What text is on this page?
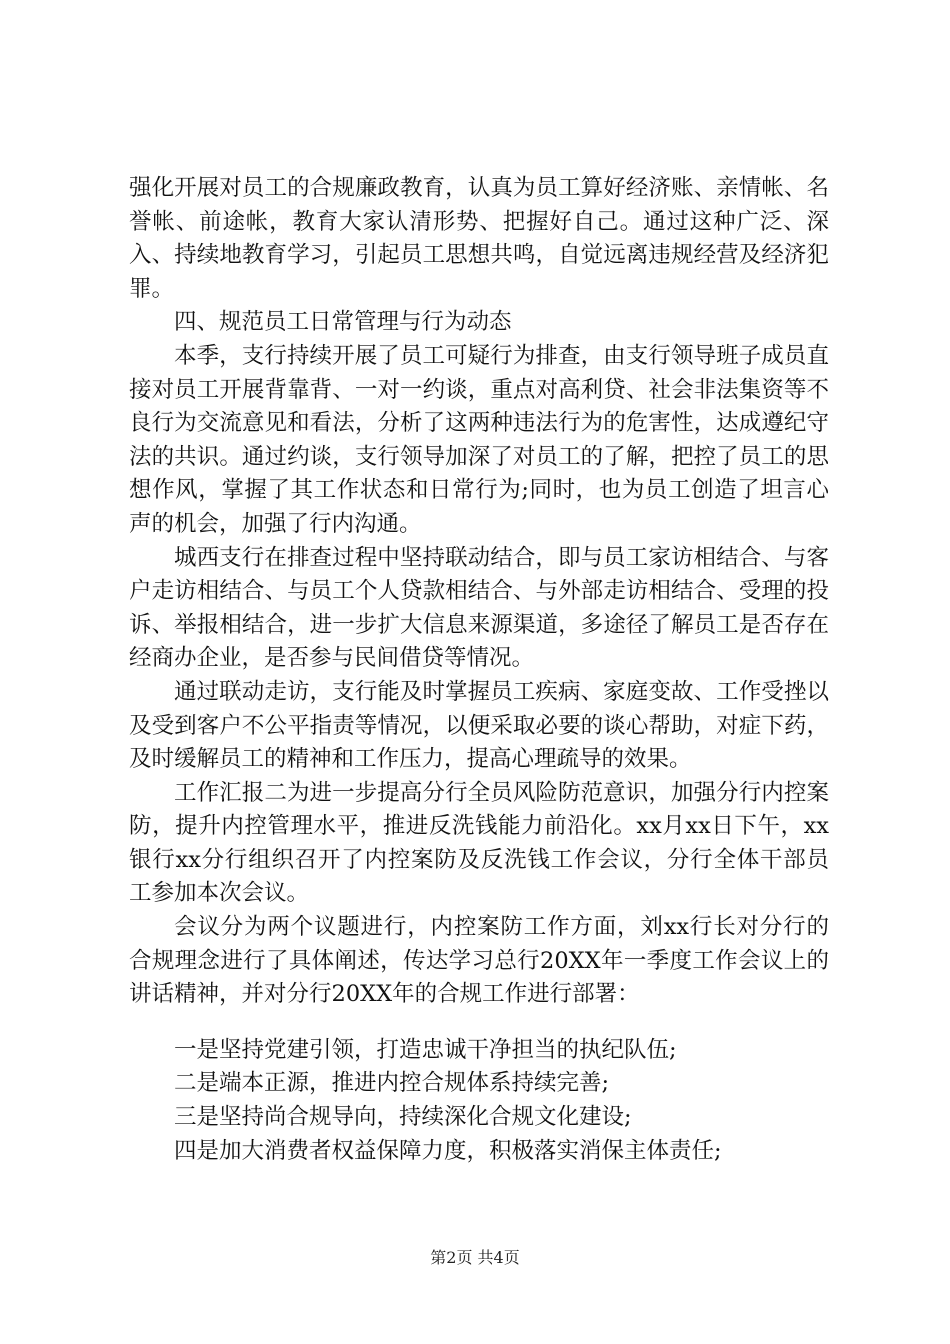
强化开展对员工的合规廉政教育，认真为员工算好经济账、亲情帐、名誉帐、前途帐，教育大家认清形势、把握好自己。通过这种广泛、深入、持续地教育学习，引起员工思想共鸣，自觉远离违规经营及经济犯罪。

四、规范员工日常管理与行为动态

本季，支行持续开展了员工可疑行为排查，由支行领导班子成员直接对员工开展背靠背、一对一约谈，重点对高利贷、社会非法集资等不良行为交流意见和看法，分析了这两种违法行为的危害性，达成遵纪守法的共识。通过约谈，支行领导加深了对员工的了解，把控了员工的思想作风，掌握了其工作状态和日常行为;同时，也为员工创造了坦言心声的机会，加强了行内沟通。

城西支行在排查过程中坚持联动结合，即与员工家访相结合、与客户走访相结合、与员工个人贷款相结合、与外部走访相结合、受理的投诉、举报相结合，进一步扩大信息来源渠道，多途径了解员工是否存在经商办企业，是否参与民间借贷等情况。

通过联动走访，支行能及时掌握员工疾病、家庭变故、工作受挫以及受到客户不公平指责等情况，以便采取必要的谈心帮助，对症下药，及时缓解员工的精神和工作压力，提高心理疏导的效果。

工作汇报二为进一步提高分行全员风险防范意识，加强分行内控案防，提升内控管理水平，推进反洗钱能力前沿化。xx月xx日下午，xx银行xx分行组织召开了内控案防及反洗钱工作会议，分行全体干部员工参加本次会议。

会议分为两个议题进行，内控案防工作方面，刘xx行长对分行的合规理念进行了具体阐述，传达学习总行20XX年一季度工作会议上的讲话精神，并对分行20XX年的合规工作进行部署：

一是坚持党建引领，打造忠诚干净担当的执纪队伍;

二是端本正源，推进内控合规体系持续完善;

三是坚持尚合规导向，持续深化合规文化建设;

四是加大消费者权益保障力度，积极落实消保主体责任;

第2页 共4页
